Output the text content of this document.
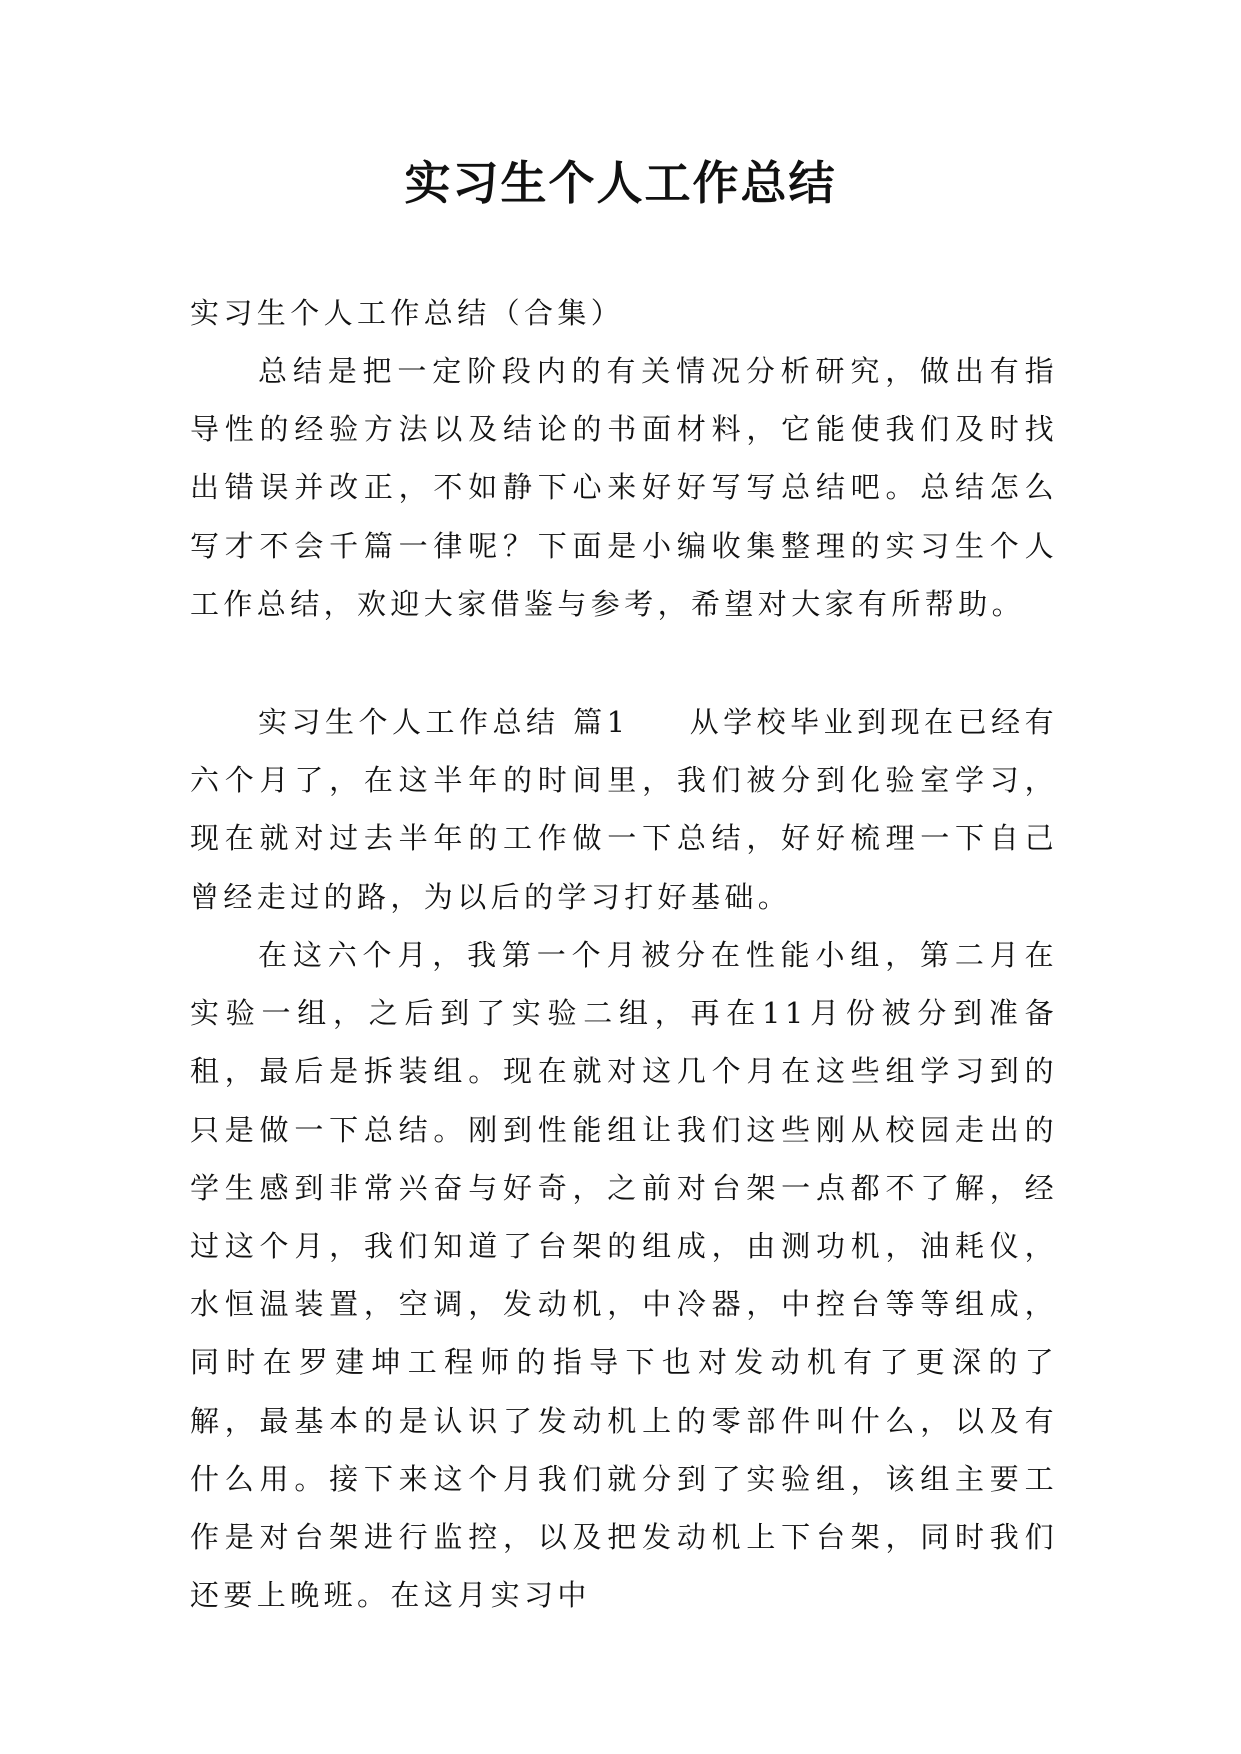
实习生个人工作总结

实习生个人工作总结（合集）

总结是把一定阶段内的有关情况分析研究，做出有指导性的经验方法以及结论的书面材料，它能使我们及时找出错误并改正，不如静下心来好好写写总结吧。总结怎么写才不会千篇一律呢？下面是小编收集整理的实习生个人工作总结，欢迎大家借鉴与参考，希望对大家有所帮助。

实习生个人工作总结 篇1 从学校毕业到现在已经有六个月了，在这半年的时间里，我们被分到化验室学习，现在就对过去半年的工作做一下总结，好好梳理一下自己曾经走过的路，为以后的学习打好基础。

在这六个月，我第一个月被分在性能小组，第二月在实验一组，之后到了实验二组，再在11月份被分到准备租，最后是拆装组。现在就对这几个月在这些组学习到的只是做一下总结。刚到性能组让我们这些刚从校园走出的学生感到非常兴奋与好奇，之前对台架一点都不了解，经过这个月，我们知道了台架的组成，由测功机，油耗仪，水恒温装置，空调，发动机，中冷器，中控台等等组成，同时在罗建坤工程师的指导下也对发动机有了更深的了解，最基本的是认识了发动机上的零部件叫什么，以及有什么用。接下来这个月我们就分到了实验组，该组主要工作是对台架进行监控，以及把发动机上下台架，同时我们还要上晚班。在这月实习中
